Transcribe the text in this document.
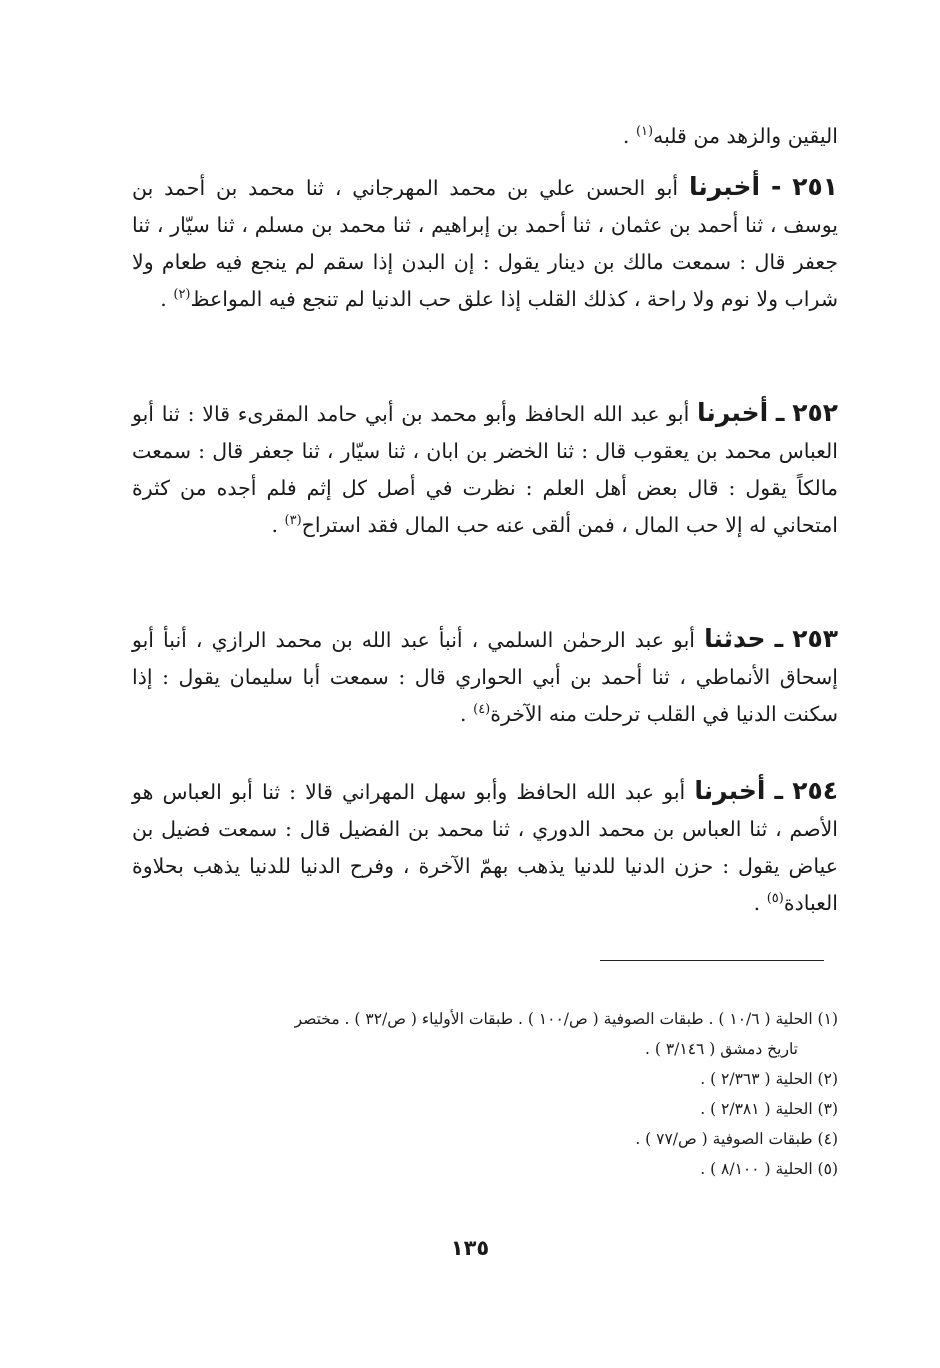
اليقين والزهد من قلبه$^{(١)}$ .

٢٥١ - أخبرنا أبو الحسن علي بن محمد المهرجاني ، ثنا محمد بن أحمد بن يوسف ، ثنا أحمد بن عثمان ، ثنا أحمد بن إبراهيم ، ثنا محمد بن مسلم ، ثنا سيّار ، ثنا جعفر قال : سمعت مالك بن دينار يقول : إن البدن إذا سقم لم ينجع فيه طعام ولا شراب ولا نوم ولا راحة ، كذلك القلب إذا علق حب الدنيا لم تنجع فيه المواعظ$^{(٢)}$ .

٢٥٢ ـ أخبرنا أبو عبد الله الحافظ وأبو محمد بن أبي حامد المقرىء قالا : ثنا أبو العباس محمد بن يعقوب قال : ثنا الخضر بن ابان ، ثنا سيّار ، ثنا جعفر قال : سمعت مالكاً يقول : قال بعض أهل العلم : نظرت في أصل كل إثم فلم أجده من كثرة امتحاني له إلا حب المال ، فمن ألقى عنه حب المال فقد استراح$^{(٣)}$ .

٢٥٣ ـ حدثنا أبو عبد الرحمٰن السلمي ، أنبأ عبد الله بن محمد الرازي ، أنبأ أبو إسحاق الأنماطي ، ثنا أحمد بن أبي الحواري قال : سمعت أبا سليمان يقول : إذا سكنت الدنيا في القلب ترحلت منه الآخرة$^{(٤)}$ .

٢٥٤ ـ أخبرنا أبو عبد الله الحافظ وأبو سهل المهراني قالا : ثنا أبو العباس هو الأصم ، ثنا العباس بن محمد الدوري ، ثنا محمد بن الفضيل قال : سمعت فضيل بن عياض يقول : حزن الدنيا للدنيا يذهب بهمّ الآخرة ، وفرح الدنيا للدنيا يذهب بحلاوة العبادة$^{(٥)}$ .

(١) الحلية ( ١٠/٦ ) . طبقات الصوفية ( ص/١٠٠ ) . طبقات الأولياء ( ص/٣٢ ) . مختصر

تاريخ دمشق ( ٣/١٤٦ ) .

(٢) الحلية ( ٢/٣٦٣ ) .

(٣) الحلية ( ٢/٣٨١ ) .

(٤) طبقات الصوفية ( ص/٧٧ ) .

(٥) الحلية ( ٨/١٠٠ ) .

١٣٥
